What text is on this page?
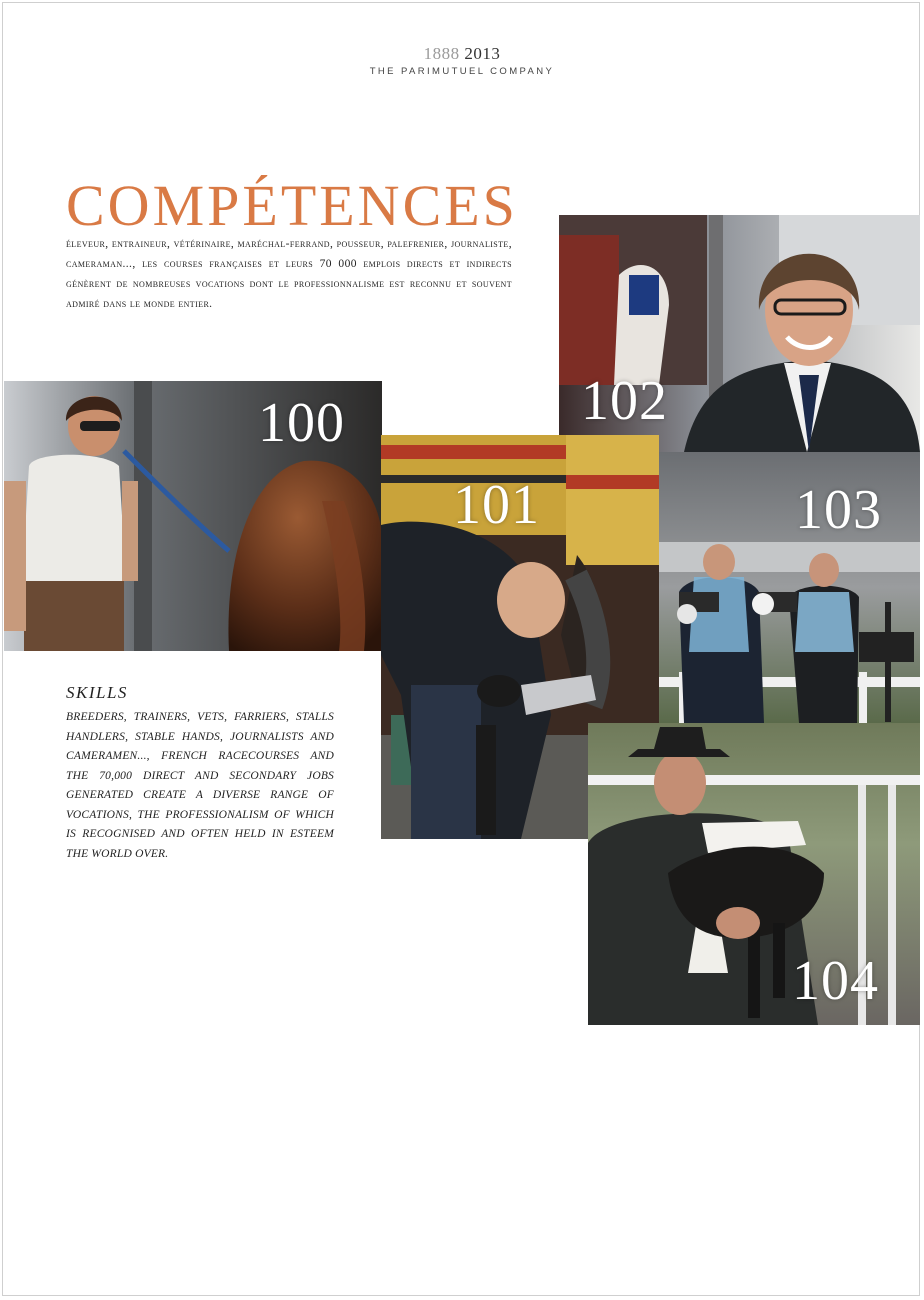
1888 2013
THE PARIMUTUEL COMPANY
COMPÉTENCES
éleveur, entraineur, vétérinaire, maréchal-ferrand, pousseur, palefrenier, journaliste, cameraman..., les courses françaises et leurs 70 000 emplois directs et indirects génèrent de nombreuses vocations dont le professionnalisme est reconnu et souvent admiré dans le monde entier.
SKILLS
BREEDERS, TRAINERS, VETS, FARRIERS, STALLS HANDLERS, STABLE HANDS, JOURNALISTS AND CAMERAMEN..., FRENCH RACECOURSES AND THE 70,000 DIRECT AND SECONDARY JOBS GENERATED CREATE A DIVERSE RANGE OF VOCATIONS, THE PROFESSIONALISM OF WHICH IS RECOGNISED AND OFTEN HELD IN ESTEEM THE WORLD OVER.
100	102
101	103
104
